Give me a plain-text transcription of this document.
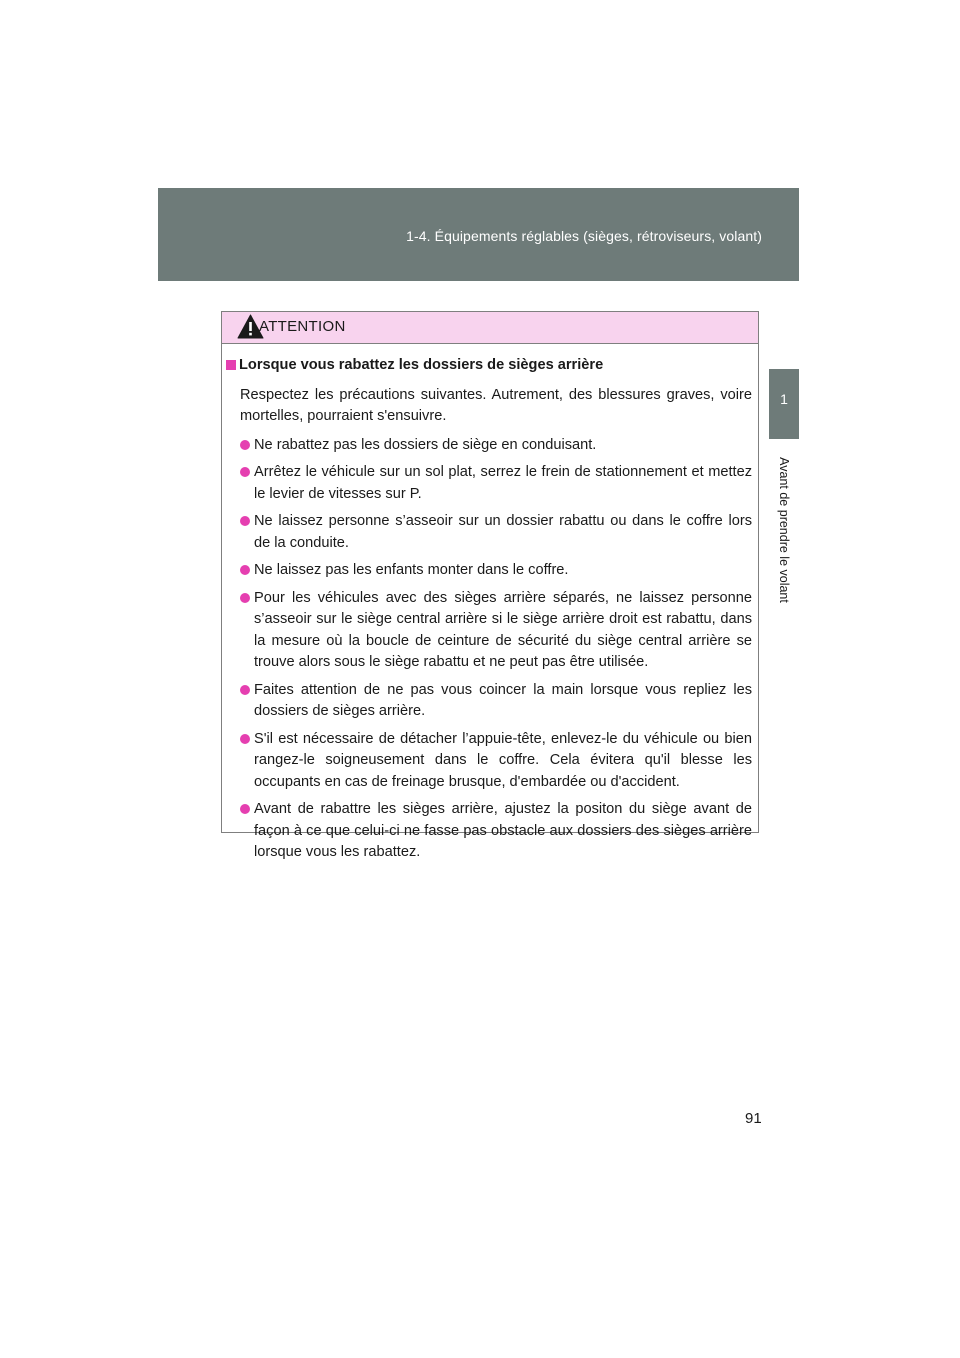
1-4. Équipements réglables (sièges, rétroviseurs, volant)
1
Avant de prendre le volant
ATTENTION
Lorsque vous rabattez les dossiers de sièges arrière
Respectez les précautions suivantes. Autrement, des blessures graves, voire mortelles, pourraient s'ensuivre.
Ne rabattez pas les dossiers de siège en conduisant.
Arrêtez le véhicule sur un sol plat, serrez le frein de stationnement et mettez le levier de vitesses sur P.
Ne laissez personne s’asseoir sur un dossier rabattu ou dans le coffre lors de la conduite.
Ne laissez pas les enfants monter dans le coffre.
Pour les véhicules avec des sièges arrière séparés, ne laissez personne s’asseoir sur le siège central arrière si le siège arrière droit est rabattu, dans la mesure où la boucle de ceinture de sécurité du siège central arrière se trouve alors sous le siège rabattu et ne peut pas être utilisée.
Faites attention de ne pas vous coincer la main lorsque vous repliez les dossiers de sièges arrière.
S'il est nécessaire de détacher l’appuie-tête, enlevez-le du véhicule ou bien rangez-le soigneusement dans le coffre. Cela évitera qu'il blesse les occupants en cas de freinage brusque, d'embardée ou d'accident.
Avant de rabattre les sièges arrière, ajustez la positon du siège avant de façon à ce que celui-ci ne fasse pas obstacle aux dossiers des sièges arrière lorsque vous les rabattez.
91
